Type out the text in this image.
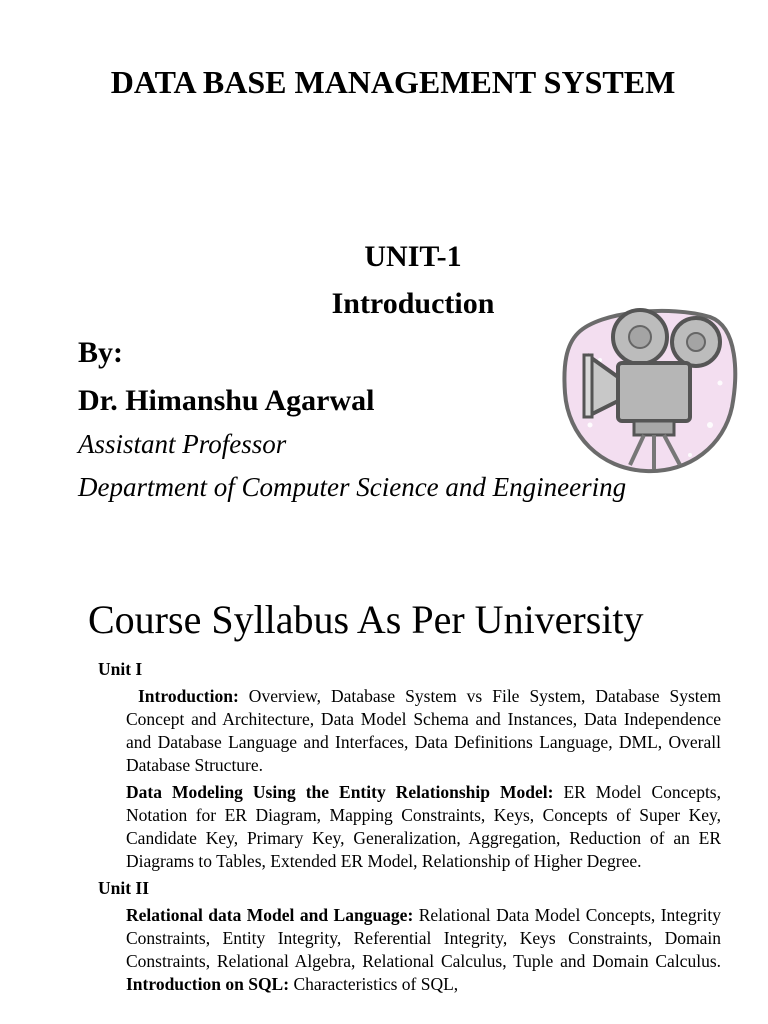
DATA BASE MANAGEMENT SYSTEM
UNIT-1
Introduction
By:
Dr. Himanshu Agarwal
Assistant Professor
Department of Computer Science and Engineering
Course Syllabus As Per University
Unit I

Introduction: Overview, Database System vs File System, Database System Concept and Architecture, Data Model Schema and Instances, Data Independence and Database Language and Interfaces, Data Definitions Language, DML, Overall Database Structure.

Data Modeling Using the Entity Relationship Model: ER Model Concepts, Notation for ER Diagram, Mapping Constraints, Keys, Concepts of Super Key, Candidate Key, Primary Key, Generalization, Aggregation, Reduction of an ER Diagrams to Tables, Extended ER Model, Relationship of Higher Degree.

Unit II

Relational data Model and Language: Relational Data Model Concepts, Integrity Constraints, Entity Integrity, Referential Integrity, Keys Constraints, Domain Constraints, Relational Algebra, Relational Calculus, Tuple and Domain Calculus. Introduction on SQL: Characteristics of SQL,
